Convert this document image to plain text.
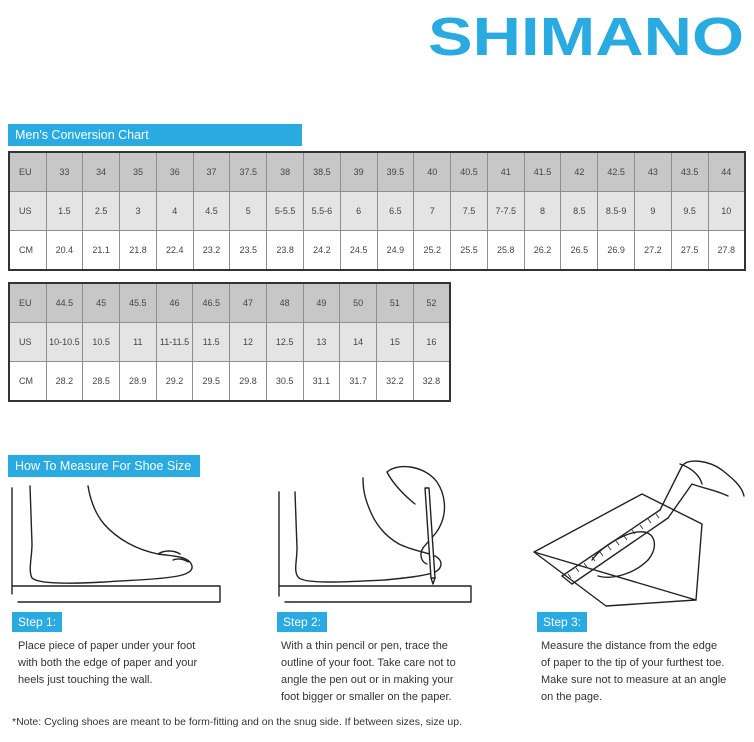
SHIMANO
Men's Conversion Chart
EU	33	34	35	36	37	37.5	38	38.5	39	39.5	40	40.5	41	41.5	42	42.5	43	43.5	44
US	1.5	2.5	3	4	4.5	5	5-5.5	5.5-6	6	6.5	7	7.5	7-7.5	8	8.5	8.5-9	9	9.5	10
CM	20.4	21.1	21.8	22.4	23.2	23.5	23.8	24.2	24.5	24.9	25.2	25.5	25.8	26.2	26.5	26.9	27.2	27.5	27.8
EU	44.5	45	45.5	46	46.5	47	48	49	50	51	52
US	10-10.5	10.5	11	11-11.5	11.5	12	12.5	13	14	15	16
CM	28.2	28.5	28.9	29.2	29.5	29.8	30.5	31.1	31.7	32.2	32.8
How To Measure For Shoe Size
Step 1:
Place piece of paper under your foot
with both the edge of paper and your
heels just touching the wall.
Step 2:
With a thin pencil or pen, trace the
outline of your foot. Take care not to
angle the pen out or in making your
foot bigger or smaller on the paper.
Step 3:
Measure the distance from the edge
of paper to the tip of your furthest toe.
Make sure not to measure at an angle
on the page.
*Note: Cycling shoes are meant to be form-fitting and on the snug side. If between sizes, size up.
